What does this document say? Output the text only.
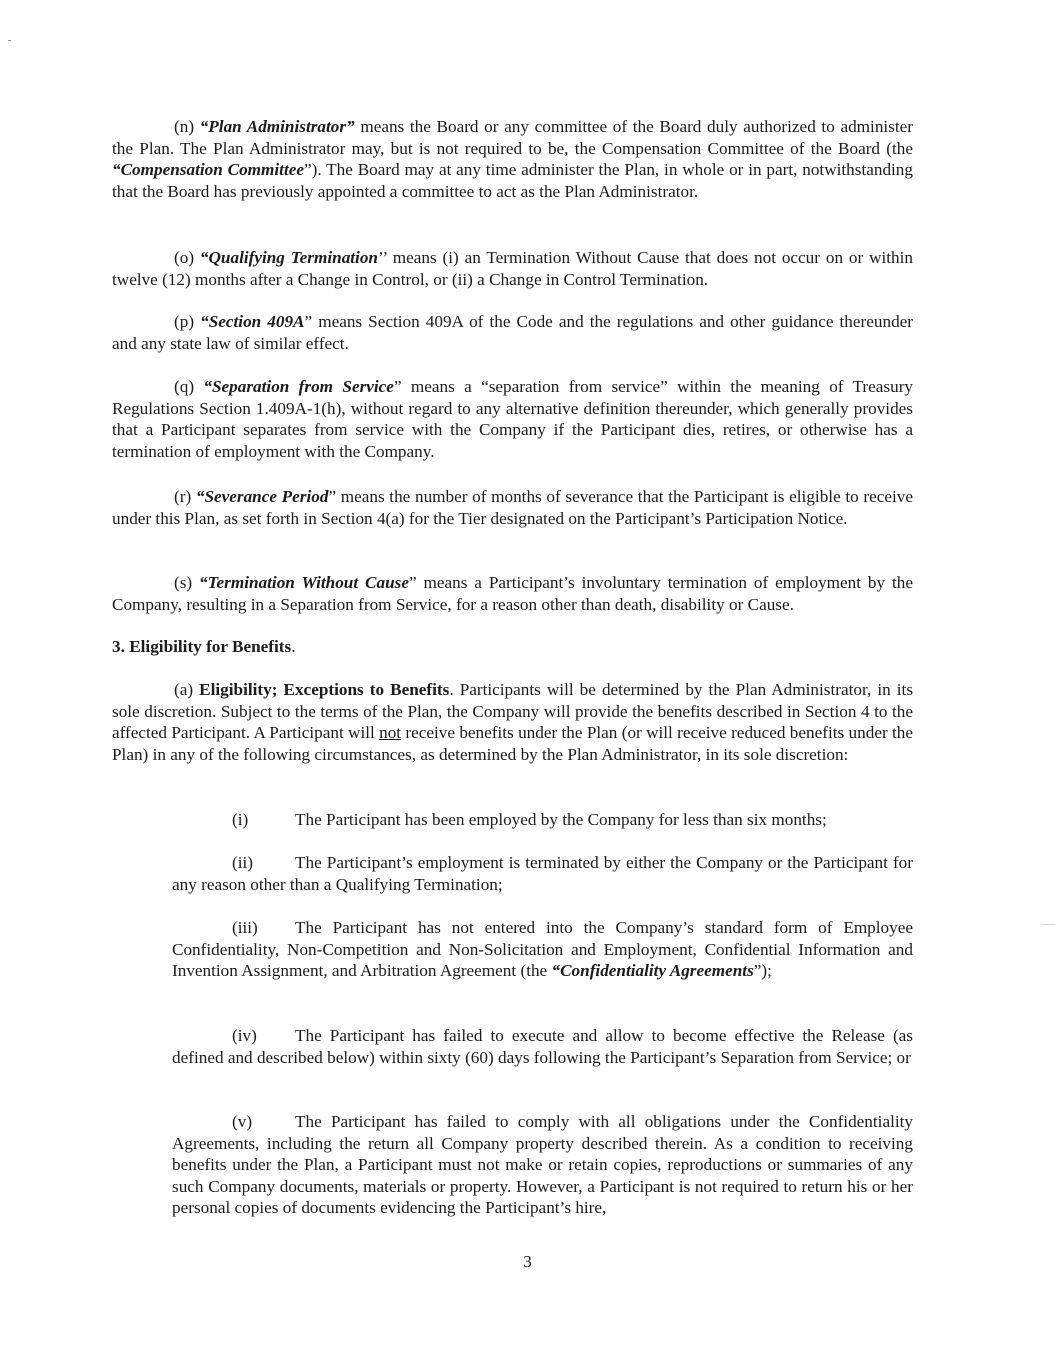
(n) “Plan Administrator” means the Board or any committee of the Board duly authorized to administer the Plan. The Plan Administrator may, but is not required to be, the Compensation Committee of the Board (the “Compensation Committee”). The Board may at any time administer the Plan, in whole or in part, notwithstanding that the Board has previously appointed a committee to act as the Plan Administrator.

(o) “Qualifying Termination’’ means (i) an Termination Without Cause that does not occur on or within twelve (12) months after a Change in Control, or (ii) a Change in Control Termination.

(p) “Section 409A” means Section 409A of the Code and the regulations and other guidance thereunder and any state law of similar effect.

(q) “Separation from Service” means a “separation from service” within the meaning of Treasury Regulations Section 1.409A-1(h), without regard to any alternative definition thereunder, which generally provides that a Participant separates from service with the Company if the Participant dies, retires, or otherwise has a termination of employment with the Company.

(r) “Severance Period” means the number of months of severance that the Participant is eligible to receive under this Plan, as set forth in Section 4(a) for the Tier designated on the Participant’s Participation Notice.

(s) “Termination Without Cause” means a Participant’s involuntary termination of employment by the Company, resulting in a Separation from Service, for a reason other than death, disability or Cause.

3. Eligibility for Benefits.

(a) Eligibility; Exceptions to Benefits. Participants will be determined by the Plan Administrator, in its sole discretion. Subject to the terms of the Plan, the Company will provide the benefits described in Section 4 to the affected Participant. A Participant will not receive benefits under the Plan (or will receive reduced benefits under the Plan) in any of the following circumstances, as determined by the Plan Administrator, in its sole discretion:

(i)	The Participant has been employed by the Company for less than six months;

(ii) The Participant’s employment is terminated by either the Company or the Participant for any reason other than a Qualifying Termination;

(iii) The Participant has not entered into the Company’s standard form of Employee Confidentiality, Non-Competition and Non-Solicitation and Employment, Confidential Information and Invention Assignment, and Arbitration Agreement (the “Confidentiality Agreements”);

(iv) The Participant has failed to execute and allow to become effective the Release (as defined and described below) within sixty (60) days following the Participant’s Separation from Service; or

(v) The Participant has failed to comply with all obligations under the Confidentiality Agreements, including the return all Company property described therein. As a condition to receiving benefits under the Plan, a Participant must not make or retain copies, reproductions or summaries of any such Company documents, materials or property. However, a Participant is not required to return his or her personal copies of documents evidencing the Participant’s hire,

3
